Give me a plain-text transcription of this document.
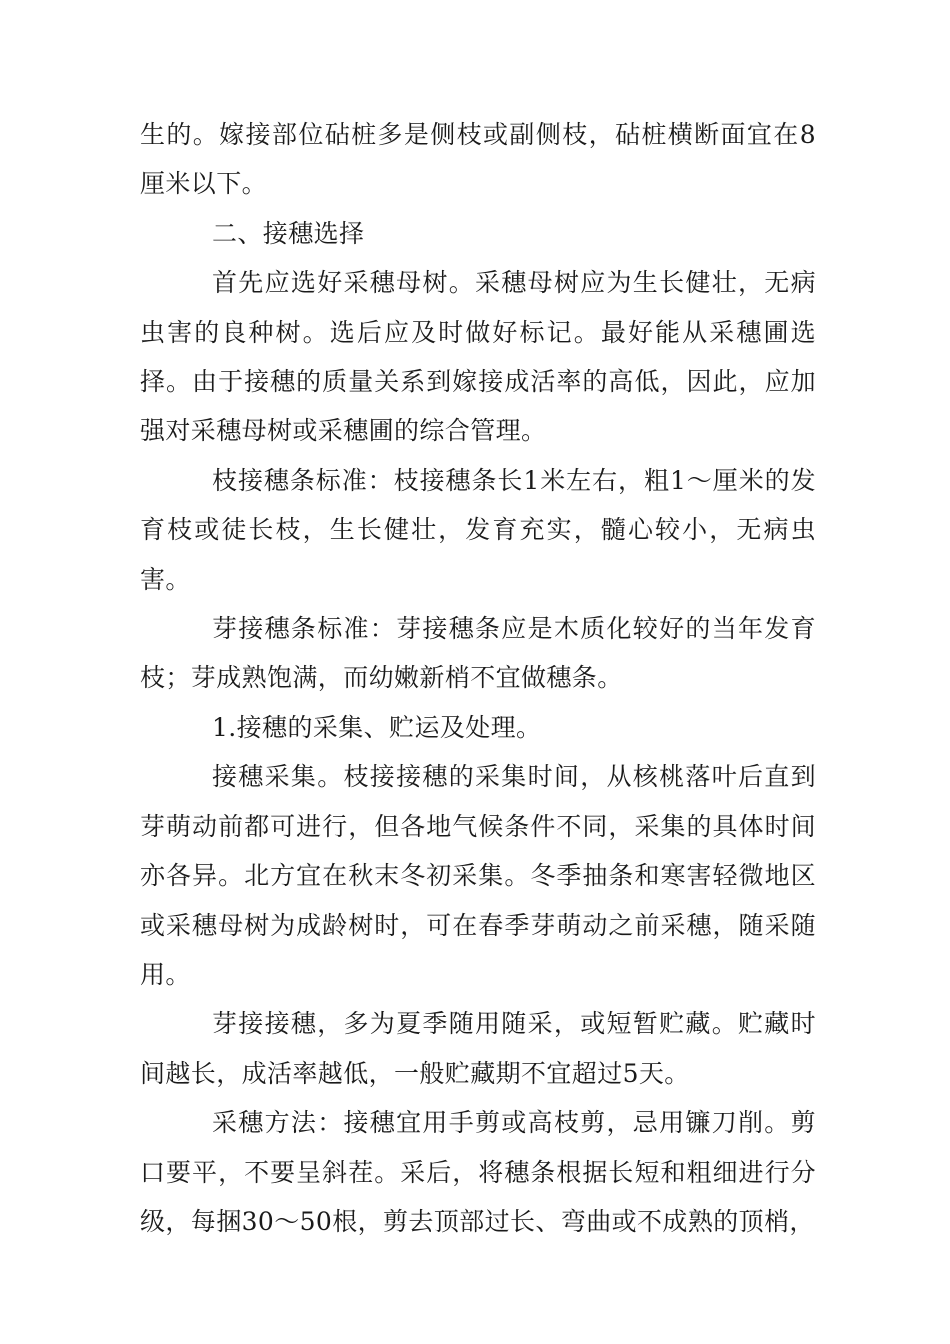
生的。嫁接部位砧桩多是侧枝或副侧枝，砧桩横断面宜在8厘米以下。

二、接穗选择

首先应选好采穗母树。采穗母树应为生长健壮，无病虫害的良种树。选后应及时做好标记。最好能从采穗圃选择。由于接穗的质量关系到嫁接成活率的高低，因此，应加强对采穗母树或采穗圃的综合管理。

枝接穗条标准：枝接穗条长1米左右，粗1～厘米的发育枝或徒长枝，生长健壮，发育充实，髓心较小，无病虫害。

芽接穗条标准：芽接穗条应是木质化较好的当年发育枝；芽成熟饱满，而幼嫩新梢不宜做穗条。

1.接穗的采集、贮运及处理。

接穗采集。枝接接穗的采集时间，从核桃落叶后直到芽萌动前都可进行，但各地气候条件不同，采集的具体时间亦各异。北方宜在秋末冬初采集。冬季抽条和寒害轻微地区或采穗母树为成龄树时，可在春季芽萌动之前采穗，随采随用。

芽接接穗，多为夏季随用随采，或短暂贮藏。贮藏时间越长，成活率越低，一般贮藏期不宜超过5天。

采穗方法：接穗宜用手剪或高枝剪，忌用镰刀削。剪口要平，不要呈斜茬。采后，将穗条根据长短和粗细进行分级，每捆30～50根，剪去顶部过长、弯曲或不成熟的顶梢，
